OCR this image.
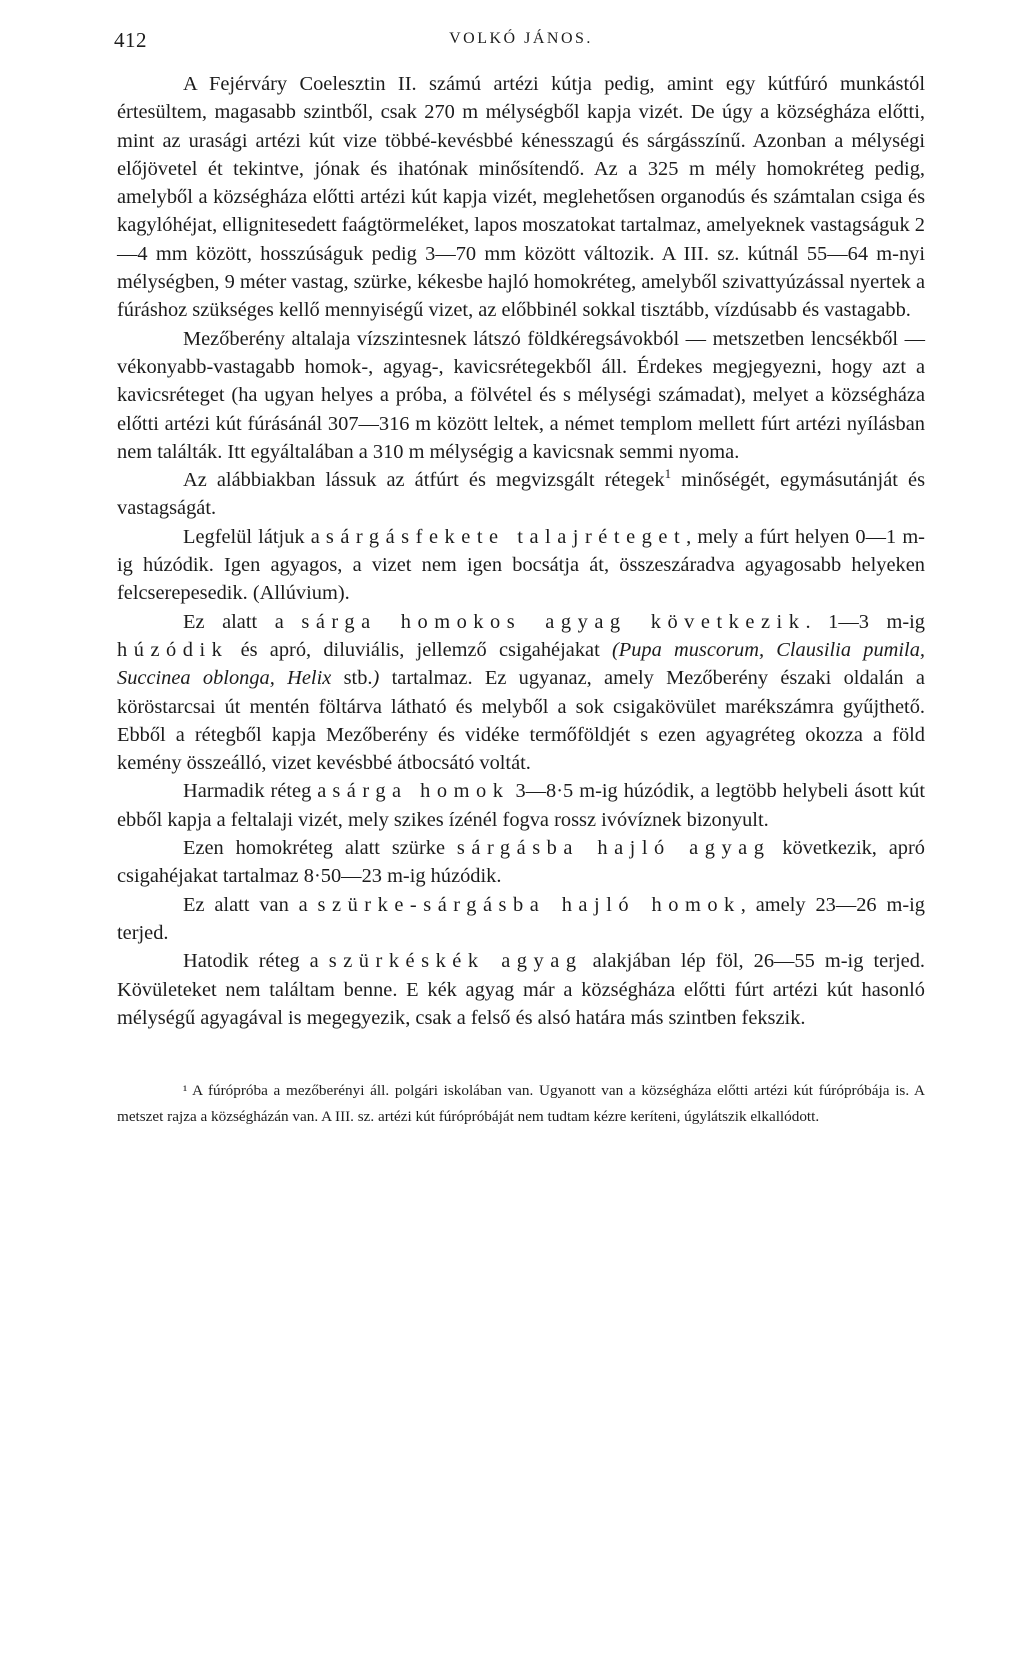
412	VOLKÓ JÁNOS.

A Fejérváry Coelesztin II. számú artézi kútja pedig, amint egy kútfúró munkástól értesültem, magasabb szintből, csak 270 m mélységből kapja vizét. De úgy a községháza előtti, mint az urasági artézi kút vize többé-kevésbbé kénesszagú és sárgásszínű. Azonban a mélységi előjövetel ét tekintve, jónak és ihatónak minősítendő. Az a 325 m mély homokréteg pedig, amelyből a községháza előtti artézi kút kapja vizét, meglehetősen organodús és számtalan csiga és kagylóhéjat, ellignitesedett faágtörmeléket, lapos moszatokat tartalmaz, amelyeknek vastagságuk 2—4 mm között, hosszúságuk pedig 3—70 mm között változik. A III. sz. kútnál 55—64 m-nyi mélységben, 9 méter vastag, szürke, kékesbe hajló homokréteg, amelyből szivattyúzással nyertek a fúráshoz szükséges kellő mennyiségű vizet, az előbbinél sokkal tisztább, vízdúsabb és vastagabb.

Mezőberény altalaja vízszintesnek látszó földkéregsávokból — metszetben lencsékből — vékonyabb-vastagabb homok-, agyag-, kavicsrétegekből áll. Érdekes megjegyezni, hogy azt a kavicsréteget (ha ugyan helyes a próba, a fölvétel és s mélységi számadat), melyet a községháza előtti artézi kút fúrásánál 307—316 m között leltek, a német templom mellett fúrt artézi nyílásban nem találták. Itt egyáltalában a 310 m mélységig a kavicsnak semmi nyoma.

Az alábbiakban lássuk az átfúrt és megvizsgált rétegek$^1$ minőségét, egymásutánját és vastagságát.

Legfelül látjuk a sárgásfekete talajréteget, mely a fúrt helyen 0—1 m-ig húzódik. Igen agyagos, a vizet nem igen bocsátja át, összeszáradva agyagosabb helyeken felcserepesedik. (Allúvium).

Ez alatt a sárga homokos agyag következik. 1—3 m-ig húzódik és apró, diluviális, jellemző csigahéjakat (Pupa muscorum, Clausilia pumila, Succinea oblonga, Helix stb.) tartalmaz. Ez ugyanaz, amely Mezőberény északi oldalán a köröstarcsai út mentén föltárva látható és melyből a sok csigakövület marékszámra gyűjthető. Ebből a rétegből kapja Mezőberény és vidéke termőföldjét s ezen agyagréteg okozza a föld kemény összeálló, vizet kevésbbé átbocsátó voltát.

Harmadik réteg a sárga homok 3—8·5 m-ig húzódik, a legtöbb helybeli ásott kút ebből kapja a feltalaji vizét, mely szikes ízénél fogva rossz ivóvíznek bizonyult.

Ezen homokréteg alatt szürke sárgásba hajló agyag következik, apró csigahéjakat tartalmaz 8·50—23 m-ig húzódik.

Ez alatt van a szürke-sárgásba hajló homok, amely 23—26 m-ig terjed.

Hatodik réteg a szürkéskék agyag alakjában lép föl, 26—55 m-ig terjed. Kövületeket nem találtam benne. E kék agyag már a községháza előtti fúrt artézi kút hasonló mélységű agyagával is megegyezik, csak a felső és alsó határa más szintben fekszik.

¹ A fúrópróba a mezőberényi áll. polgári iskolában van. Ugyanott van a községháza előtti artézi kút fúrópróbája is. A metszet rajza a községházán van. A III. sz. artézi kút fúrópróbáját nem tudtam kézre keríteni, úgylátszik elkallódott.
